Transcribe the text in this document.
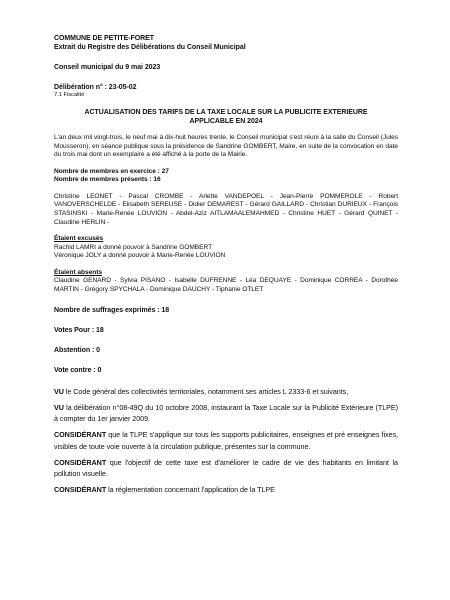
COMMUNE DE PETITE-FORET
Extrait du Registre des Délibérations du Conseil Municipal
Conseil municipal du 9 mai 2023
Délibération n° : 23-05-02
7.1 Fiscalité
ACTUALISATION DES TARIFS DE LA TAXE LOCALE SUR LA PUBLICITE EXTERIEURE
APPLICABLE EN 2024

L'an deux mil vingt-trois, le neuf mai à dix-huit heures trente, le Conseil municipal s'est réuni à la salle du Conseil (Jules Mousseron), en séance publique sous la présidence de Sandrine GOMBERT, Maire, en suite de la convocation en date du trois mai dont un exemplaire a été affiché à la porte de la Mairie.

Nombre de membres en exercice : 27
Nombre de membres présents : 16

Christine LEONET - Pascal CROMBE - Arlette VANDEPOEL - Jean-Pierre POMMEROLE - Robert VANOVERSCHELDE - Elisabeth SEREUSE - Didier DEMAREST - Gérard GAILLARD - Christian DURIEUX - François STASINSKI - Marie-Renée LOUVION - Abdel-Aziz AITLAMAALEMAHMED - Christine HUET - Gérard QUINET - Claudine HERLIN -

Étaient excusés
Rachid LAMRI a donné pouvoir à Sandrine GOMBERT
Véronique JOLY a donné pouvoir à Marie-Renée LOUVION
Étaient absents

Claudine GENARD - Sylvia PISANO - Isabelle DUFRENNE - Léa DEQUAYE - Dominique CORREA - Dorothée MARTIN - Grégory SPYCHALA - Dominique DAUCHY - Tiphanie OTLET

Nombre de suffrages exprimés : 18
Votes Pour : 18
Abstention : 0
Vote contre : 0

VU le Code général des collectivités territoriales, notamment ses articles L 2333-6 et suivants,

VU la délibération n°08-49Q du 10 octobre 2008, instaurant la Taxe Locale sur la Publicité Extérieure (TLPE) à compter du 1er janvier 2009.

CONSIDÉRANT que la TLPE s'applique sur tous les supports publicitaires, enseignes et pré enseignes fixes, visibles de toute voie ouverte à la circulation publique, présentes sur la commune.

CONSIDÉRANT que l'objectif de cette taxe est d'améliorer le cadre de vie des habitants en limitant la pollution visuelle.

CONSIDÉRANT la réglementation concernant l'application de la TLPE
